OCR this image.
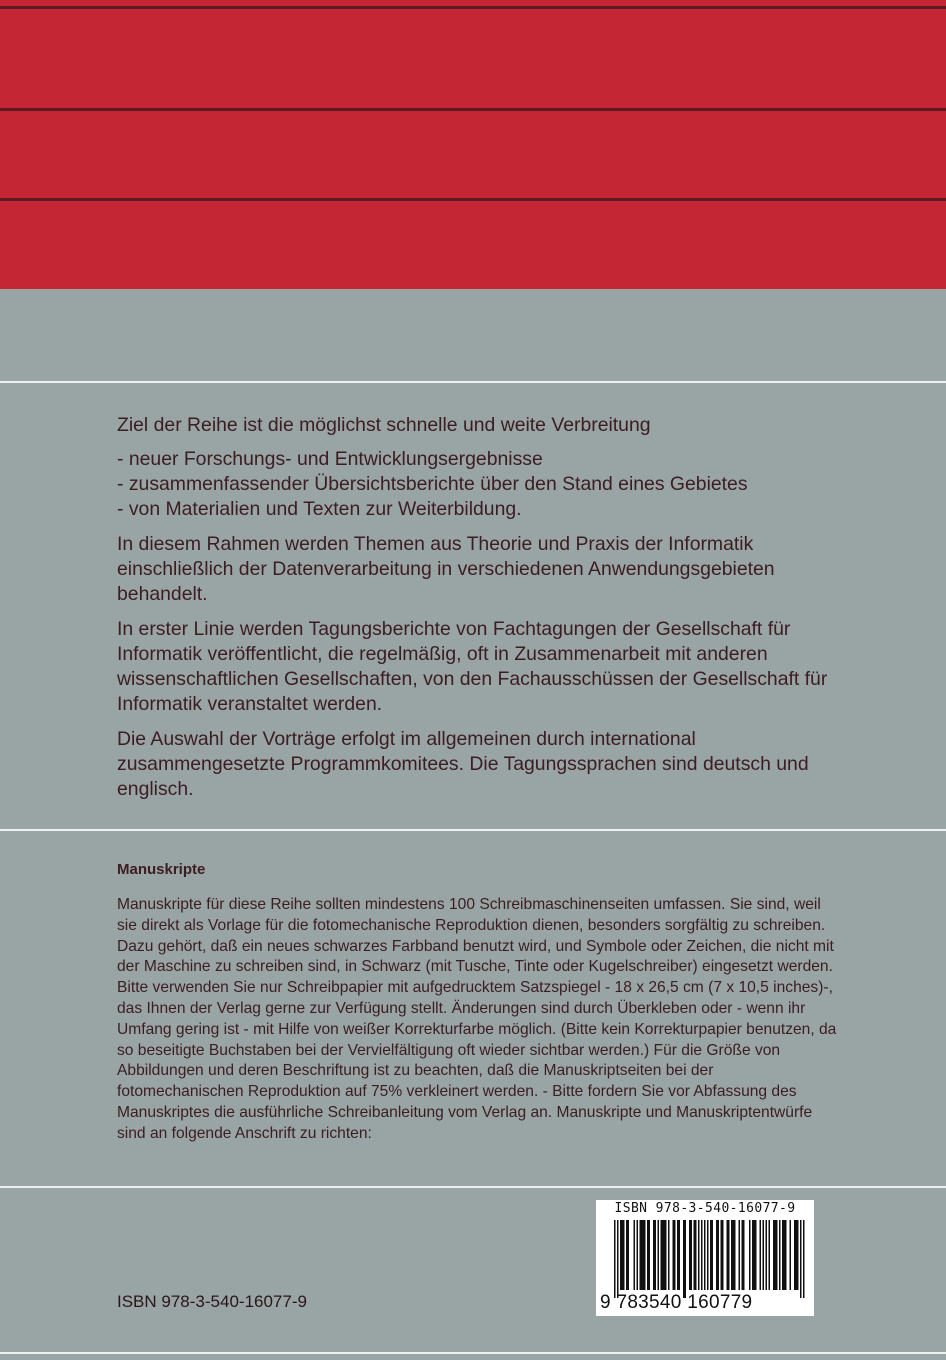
Ziel der Reihe ist die möglichst schnelle und weite Verbreitung

- neuer Forschungs- und Entwicklungsergebnisse
- zusammenfassender Übersichtsberichte über den Stand eines Gebietes
- von Materialien und Texten zur Weiterbildung.

In diesem Rahmen werden Themen aus Theorie und Praxis der Informatik einschließlich der Datenverarbeitung in verschiedenen Anwendungsgebieten behandelt.

In erster Linie werden Tagungsberichte von Fachtagungen der Gesellschaft für Informatik veröffentlicht, die regelmäßig, oft in Zusammenarbeit mit anderen wissenschaftlichen Gesellschaften, von den Fachausschüssen der Gesellschaft für Informatik veranstaltet werden.

Die Auswahl der Vorträge erfolgt im allgemeinen durch international zusammengesetzte Programmkomitees. Die Tagungssprachen sind deutsch und englisch.

Manuskripte

Manuskripte für diese Reihe sollten mindestens 100 Schreibmaschinenseiten umfassen. Sie sind, weil sie direkt als Vorlage für die fotomechanische Reproduktion dienen, besonders sorgfältig zu schreiben. Dazu gehört, daß ein neues schwarzes Farbband benutzt wird, und Symbole oder Zeichen, die nicht mit der Maschine zu schreiben sind, in Schwarz (mit Tusche, Tinte oder Kugelschreiber) eingesetzt werden. Bitte verwenden Sie nur Schreibpapier mit aufgedrucktem Satzspiegel - 18 x 26,5 cm (7 x 10,5 inches)-, das Ihnen der Verlag gerne zur Verfügung stellt. Änderungen sind durch Überkleben oder - wenn ihr Umfang gering ist - mit Hilfe von weißer Korrekturfarbe möglich. (Bitte kein Korrekturpapier benutzen, da so beseitigte Buchstaben bei der Vervielfältigung oft wieder sichtbar werden.) Für die Größe von Abbildungen und deren Beschriftung ist zu beachten, daß die Manuskriptseiten bei der fotomechanischen Reproduktion auf 75% verkleinert werden. - Bitte fordern Sie vor Abfassung des Manuskriptes die ausführliche Schreibanleitung vom Verlag an. Manuskripte und Manuskriptentwürfe sind an folgende Anschrift zu richten:

ISBN 978-3-540-16077-9
ISBN 978-3-540-16077-9
9 783540 160779
